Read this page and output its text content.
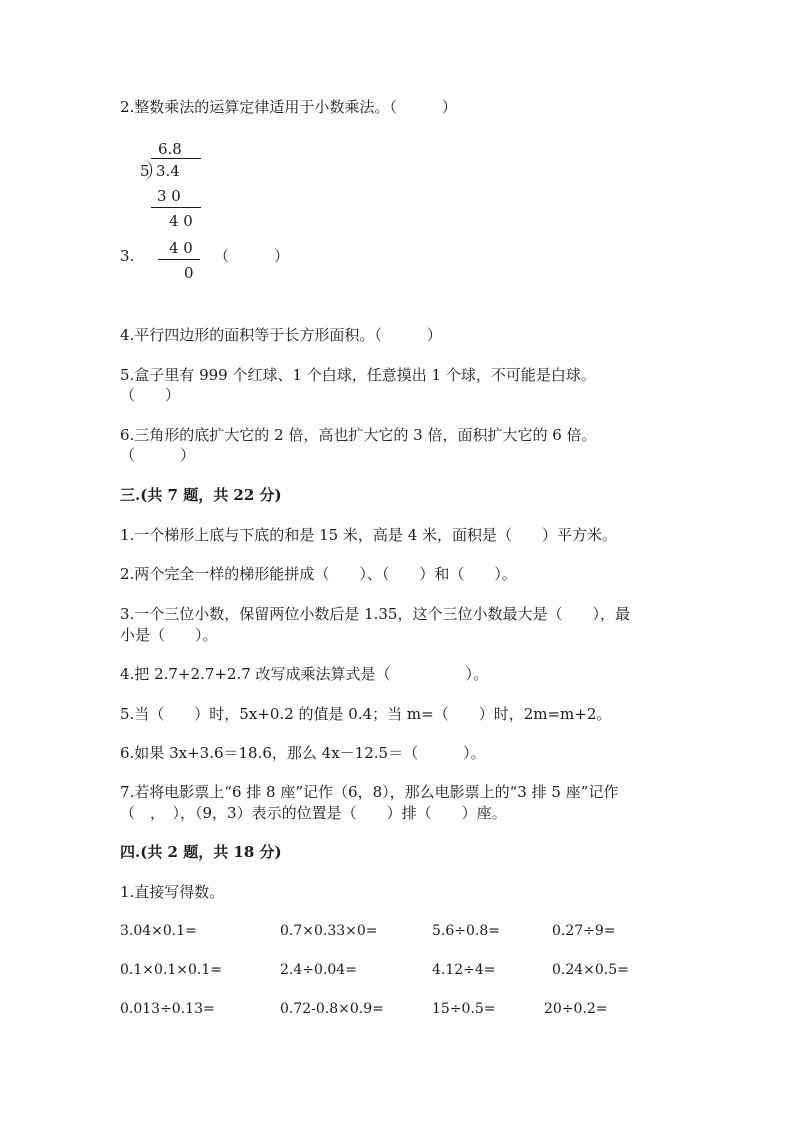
2.整数乘法的运算定律适用于小数乘法。（　　　）
6.8
5 3.4
3 0
4 0
4 0
0
3.	（　　　）
4.平行四边形的面积等于长方形面积。（　　　）
5.盒子里有 999 个红球、1 个白球，任意摸出 1 个球，不可能是白球。
（　　）
6.三角形的底扩大它的 2 倍，高也扩大它的 3 倍，面积扩大它的 6 倍。
（　　　）
三.(共 7 题，共 22 分)
1.一个梯形上底与下底的和是 15 米，高是 4 米，面积是（　　）平方米。
2.两个完全一样的梯形能拼成（　　）、（　　）和（　　）。
3.一个三位小数，保留两位小数后是 1.35，这个三位小数最大是（　　），最
小是（　　）。
4.把 2.7+2.7+2.7 改写成乘法算式是（　　　　　）。
5.当（　　）时，5x+0.2 的值是 0.4；当 m=（　　）时，2m=m+2。
6.如果 3x+3.6＝18.6，那么 4x－12.5＝（　　　）。
7.若将电影票上“6 排 8 座”记作（6，8），那么电影票上的“3 排 5 座”记作
（　，　），（9，3）表示的位置是（　　）排（　　）座。
四.(共 2 题，共 18 分)
1.直接写得数。
3.04×0.1=	0.7×0.33×0=	5.6÷0.8=	0.27÷9=
0.1×0.1×0.1=	2.4÷0.04=	4.12÷4=	0.24×0.5=
0.013÷0.13=	0.72-0.8×0.9=	15÷0.5=	20÷0.2=
